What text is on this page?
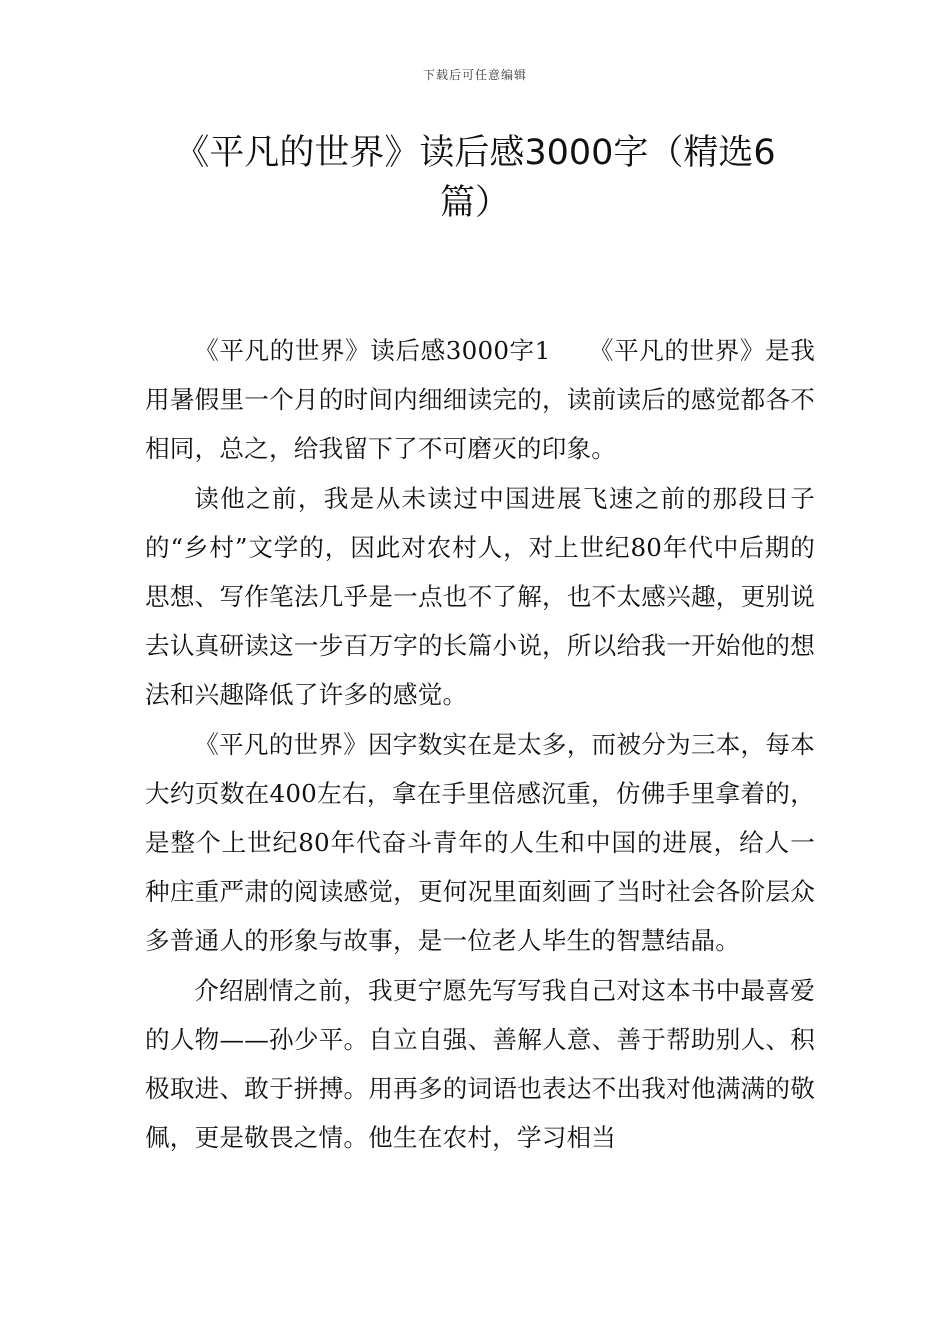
下载后可任意编辑
《平凡的世界》读后感3000字（精选6篇）

《平凡的世界》读后感3000字1　　《平凡的世界》是我用暑假里一个月的时间内细细读完的，读前读后的感觉都各不相同，总之，给我留下了不可磨灭的印象。

读他之前，我是从未读过中国进展飞速之前的那段日子的“乡村”文学的，因此对农村人，对上世纪80年代中后期的思想、写作笔法几乎是一点也不了解，也不太感兴趣，更别说去认真研读这一步百万字的长篇小说，所以给我一开始他的想法和兴趣降低了许多的感觉。

《平凡的世界》因字数实在是太多，而被分为三本，每本大约页数在400左右，拿在手里倍感沉重，仿佛手里拿着的，是整个上世纪80年代奋斗青年的人生和中国的进展，给人一种庄重严肃的阅读感觉，更何况里面刻画了当时社会各阶层众多普通人的形象与故事，是一位老人毕生的智慧结晶。

介绍剧情之前，我更宁愿先写写我自己对这本书中最喜爱的人物——孙少平。自立自强、善解人意、善于帮助别人、积极取进、敢于拼搏。用再多的词语也表达不出我对他满满的敬佩，更是敬畏之情。他生在农村，学习相当
